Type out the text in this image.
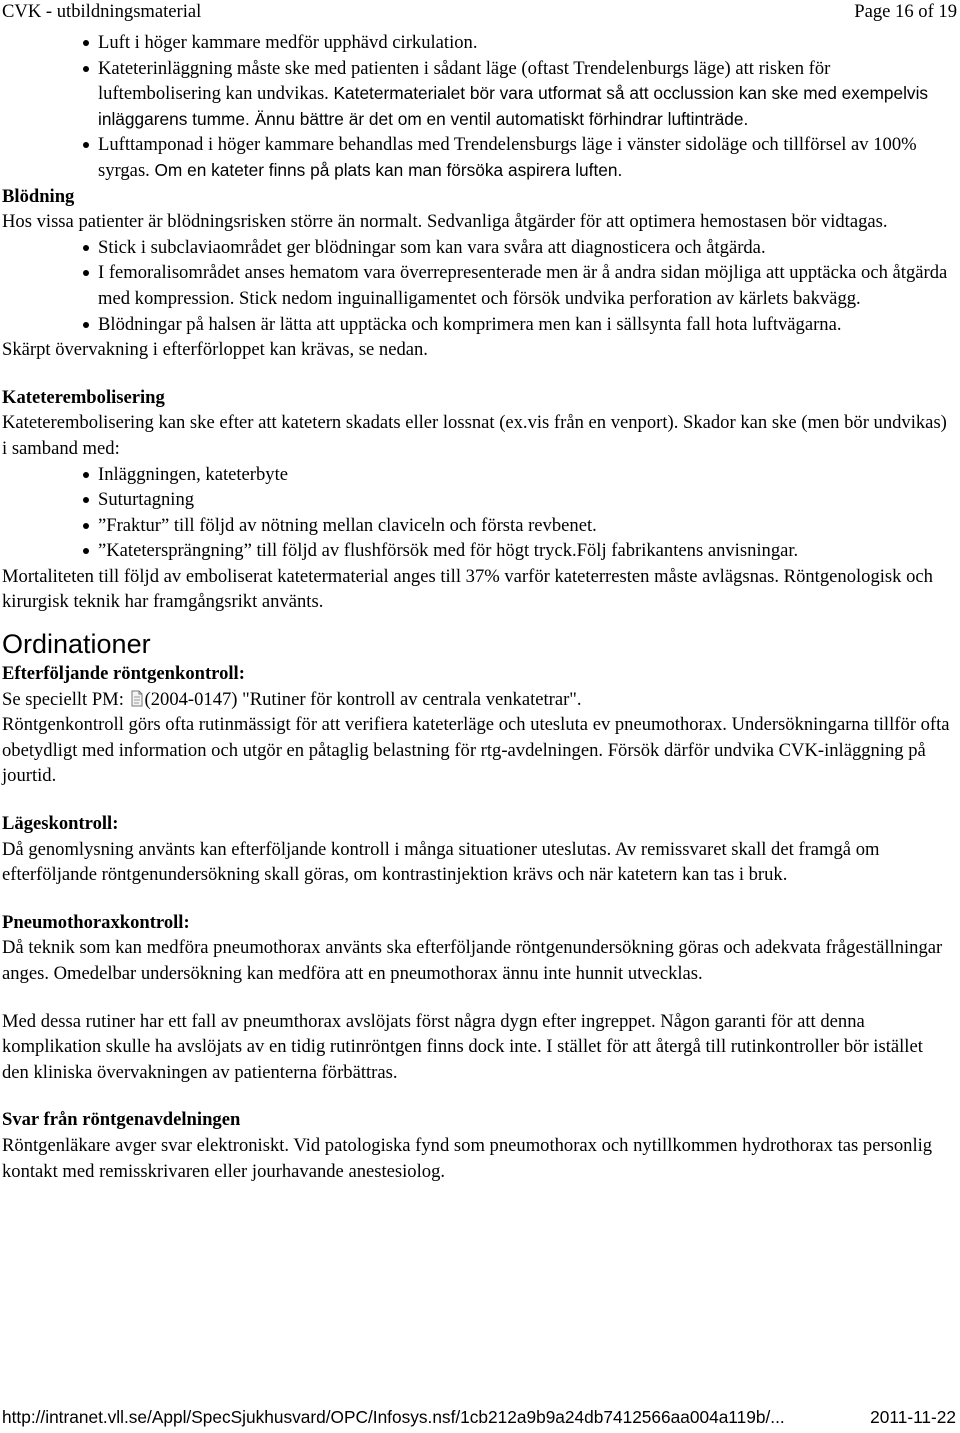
CVK - utbildningsmaterial	Page 16 of 19
Luft i höger kammare medför upphävd cirkulation.
Kateterinläggning måste ske med patienten i sådant läge (oftast Trendelenburgs läge) att risken för luftembolisering kan undvikas. Katetermaterialet bör vara utformat så att occlussion kan ske med exempelvis inläggarens tumme. Ännu bättre är det om en ventil automatiskt förhindrar luftinträde.
Lufttamponad i höger kammare behandlas med Trendelensburgs läge i vänster sidoläge och tillförsel av 100% syrgas. Om en kateter finns på plats kan man försöka aspirera luften.

Blödning

Hos vissa patienter är blödningsrisken större än normalt. Sedvanliga åtgärder för att optimera hemostasen bör vidtagas.

Stick i subclaviaområdet ger blödningar som kan vara svåra att diagnosticera och åtgärda.
I femoralisområdet anses hematom vara överrepresenterade men är å andra sidan möjliga att upptäcka och åtgärda med kompression. Stick nedom inguinalligamentet och försök undvika perforation av kärlets bakvägg.
Blödningar på halsen är lätta att upptäcka och komprimera men kan i sällsynta fall hota luftvägarna.

Skärpt övervakning i efterförloppet kan krävas, se nedan.

Kateterembolisering

Kateterembolisering kan ske efter att katetern skadats eller lossnat (ex.vis från en venport). Skador kan ske (men bör undvikas) i samband med:

Inläggningen, kateterbyte
Suturtagning
”Fraktur” till följd av nötning mellan claviceln och första revbenet.
”Katetersprängning” till följd av flushförsök med för högt tryck.Följ fabrikantens anvisningar.

Mortaliteten till följd av emboliserat katetermaterial anges till 37% varför kateterresten måste avlägsnas. Röntgenologisk och kirurgisk teknik har framgångsrikt använts.

Ordinationer

Efterföljande röntgenkontroll:

Se speciellt PM: (2004-0147) "Rutiner för kontroll av centrala venkatetrar".

Röntgenkontroll görs ofta rutinmässigt för att verifiera kateterläge och utesluta ev pneumothorax. Undersökningarna tillför ofta obetydligt med information och utgör en påtaglig belastning för rtg-avdelningen. Försök därför undvika CVK-inläggning på jourtid.

Lägeskontroll:

Då genomlysning använts kan efterföljande kontroll i många situationer uteslutas. Av remissvaret skall det framgå om efterföljande röntgenundersökning skall göras, om kontrastinjektion krävs och när katetern kan tas i bruk.

Pneumothoraxkontroll:

Då teknik som kan medföra pneumothorax använts ska efterföljande röntgenundersökning göras och adekvata frågeställningar anges. Omedelbar undersökning kan medföra att en pneumothorax ännu inte hunnit utvecklas.

Med dessa rutiner har ett fall av pneumthorax avslöjats först några dygn efter ingreppet. Någon garanti för att denna komplikation skulle ha avslöjats av en tidig rutinröntgen finns dock inte. I stället för att återgå till rutinkontroller bör istället den kliniska övervakningen av patienterna förbättras.

Svar från röntgenavdelningen

Röntgenläkare avger svar elektroniskt. Vid patologiska fynd som pneumothorax och nytillkommen hydrothorax tas personlig kontakt med remisskrivaren eller jourhavande anestesiolog.

http://intranet.vll.se/Appl/SpecSjukhusvard/OPC/Infosys.nsf/1cb212a9b9a24db7412566aa004a119b/...	2011-11-22
